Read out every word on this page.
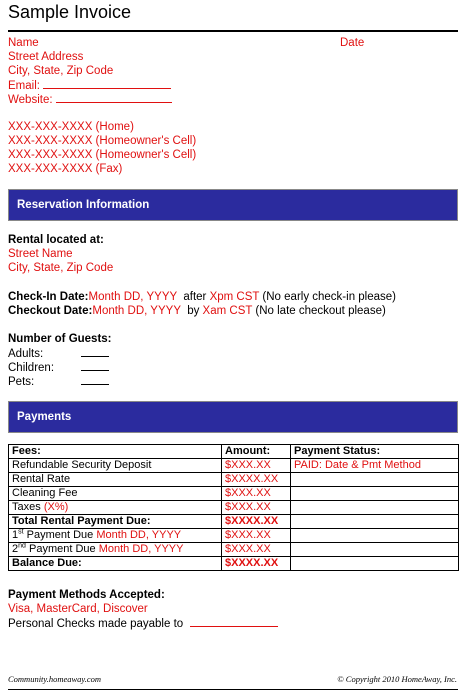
Sample Invoice
Name	Date
Street Address
City, State, Zip Code
Email:
Website:
XXX-XXX-XXXX (Home)
XXX-XXX-XXXX (Homeowner's Cell)
XXX-XXX-XXXX (Homeowner's Cell)
XXX-XXX-XXXX (Fax)
Reservation Information
Rental located at:
Street Name
City, State, Zip Code
Check-In Date:Month DD, YYYY after Xpm CST (No early check-in please)
Checkout Date:Month DD, YYYY by Xam CST (No late checkout please)
Number of Guests:
Adults:
Children:
Pets:
Payments
Fees:	Amount:	Payment Status:
Refundable Security Deposit	$XXX.XX	PAID: Date & Pmt Method
Rental Rate	$XXXX.XX	
Cleaning Fee	$XXX.XX	
Taxes (X%)	$XXX.XX	
Total Rental Payment Due:	$XXXX.XX	
1st Payment Due Month DD, YYYY	$XXX.XX	
2nd Payment Due Month DD, YYYY	$XXX.XX	
Balance Due:	$XXXX.XX	
Payment Methods Accepted:
Visa, MasterCard, Discover
Personal Checks made payable to
Community.homeaway.com	© Copyright 2010 HomeAway, Inc.
